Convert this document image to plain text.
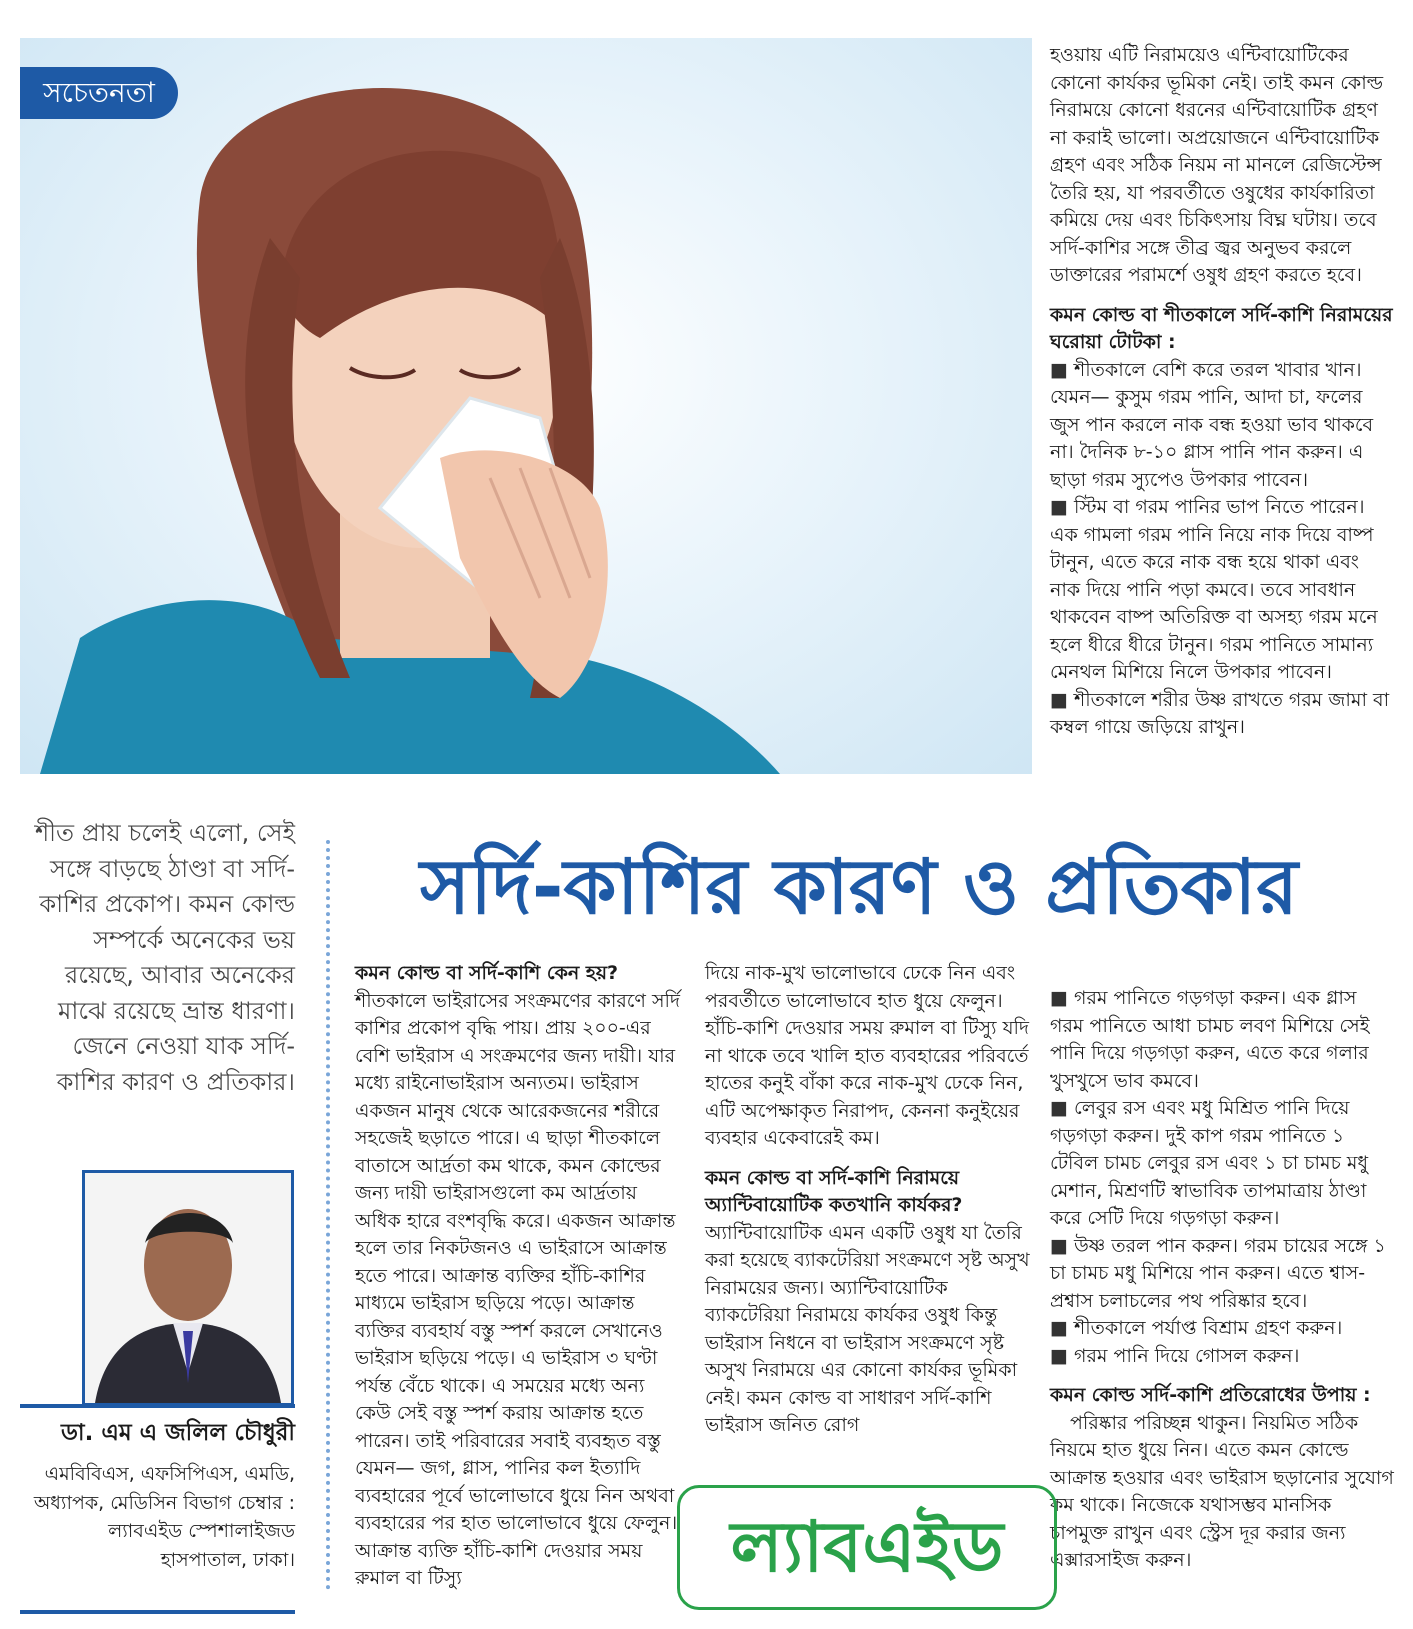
সচেতনতা

হওয়ায় এটি নিরাময়েও এন্টিবায়োটিকের কোনো কার্যকর ভূমিকা নেই। তাই কমন কোল্ড নিরাময়ে কোনো ধরনের এন্টিবায়োটিক গ্রহণ না করাই ভালো। অপ্রয়োজনে এন্টিবায়োটিক গ্রহণ এবং সঠিক নিয়ম না মানলে রেজিস্টেন্স তৈরি হয়, যা পরবর্তীতে ওষুধের কার্যকারিতা কমিয়ে দেয় এবং চিকিৎসায় বিঘ্ন ঘটায়। তবে সর্দি-কাশির সঙ্গে তীব্র জ্বর অনুভব করলে ডাক্তারের পরামর্শে ওষুধ গ্রহণ করতে হবে।

কমন কোল্ড বা শীতকালে সর্দি-কাশি নিরাময়ের ঘরোয়া টোটকা :

■ শীতকালে বেশি করে তরল খাবার খান। যেমন— কুসুম গরম পানি, আদা চা, ফলের জুস পান করলে নাক বন্ধ হওয়া ভাব থাকবে না। দৈনিক ৮-১০ গ্লাস পানি পান করুন। এ ছাড়া গরম স্যুপেও উপকার পাবেন।

■ স্টিম বা গরম পানির ভাপ নিতে পারেন। এক গামলা গরম পানি নিয়ে নাক দিয়ে বাষ্প টানুন, এতে করে নাক বন্ধ হয়ে থাকা এবং নাক দিয়ে পানি পড়া কমবে। তবে সাবধান থাকবেন বাষ্প অতিরিক্ত বা অসহ্য গরম মনে হলে ধীরে ধীরে টানুন। গরম পানিতে সামান্য মেনথল মিশিয়ে নিলে উপকার পাবেন।

■ শীতকালে শরীর উষ্ণ রাখতে গরম জামা বা কম্বল গায়ে জড়িয়ে রাখুন।

শীত প্রায় চলেই এলো, সেই সঙ্গে বাড়ছে ঠাণ্ডা বা সর্দি-কাশির প্রকোপ। কমন কোল্ড সম্পর্কে অনেকের ভয় রয়েছে, আবার অনেকের মাঝে রয়েছে ভ্রান্ত ধারণা। জেনে নেওয়া যাক সর্দি-কাশির কারণ ও প্রতিকার।
সর্দি-কাশির কারণ ও প্রতিকার
ডা. এম এ জলিল চৌধুরী
এমবিবিএস, এফসিপিএস, এমডি, অধ্যাপক, মেডিসিন বিভাগ চেম্বার : ল্যাবএইড স্পেশালাইজড হাসপাতাল, ঢাকা।

কমন কোল্ড বা সর্দি-কাশি কেন হয়?

শীতকালে ভাইরাসের সংক্রমণের কারণে সর্দি কাশির প্রকোপ বৃদ্ধি পায়। প্রায় ২০০-এর বেশি ভাইরাস এ সংক্রমণের জন্য দায়ী। যার মধ্যে রাইনোভাইরাস অন্যতম। ভাইরাস একজন মানুষ থেকে আরেকজনের শরীরে সহজেই ছড়াতে পারে। এ ছাড়া শীতকালে বাতাসে আর্দ্রতা কম থাকে, কমন কোল্ডের জন্য দায়ী ভাইরাসগুলো কম আর্দ্রতায় অধিক হারে বংশবৃদ্ধি করে। একজন আক্রান্ত হলে তার নিকটজনও এ ভাইরাসে আক্রান্ত হতে পারে। আক্রান্ত ব্যক্তির হাঁচি-কাশির মাধ্যমে ভাইরাস ছড়িয়ে পড়ে। আক্রান্ত ব্যক্তির ব্যবহার্য বস্তু স্পর্শ করলে সেখানেও ভাইরাস ছড়িয়ে পড়ে। এ ভাইরাস ৩ ঘণ্টা পর্যন্ত বেঁচে থাকে। এ সময়ের মধ্যে অন্য কেউ সেই বস্তু স্পর্শ করায় আক্রান্ত হতে পারেন। তাই পরিবারের সবাই ব্যবহৃত বস্তু যেমন— জগ, গ্লাস, পানির কল ইত্যাদি ব্যবহারের পূর্বে ভালোভাবে ধুয়ে নিন অথবা ব্যবহারের পর হাত ভালোভাবে ধুয়ে ফেলুন। আক্রান্ত ব্যক্তি হাঁচি-কাশি দেওয়ার সময় রুমাল বা টিস্যু

দিয়ে নাক-মুখ ভালোভাবে ঢেকে নিন এবং পরবর্তীতে ভালোভাবে হাত ধুয়ে ফেলুন। হাঁচি-কাশি দেওয়ার সময় রুমাল বা টিস্যু যদি না থাকে তবে খালি হাত ব্যবহারের পরিবর্তে হাতের কনুই বাঁকা করে নাক-মুখ ঢেকে নিন, এটি অপেক্ষাকৃত নিরাপদ, কেননা কনুইয়ের ব্যবহার একেবারেই কম।

কমন কোল্ড বা সর্দি-কাশি নিরাময়ে অ্যান্টিবায়োটিক কতখানি কার্যকর?

অ্যান্টিবায়োটিক এমন একটি ওষুধ যা তৈরি করা হয়েছে ব্যাকটেরিয়া সংক্রমণে সৃষ্ট অসুখ নিরাময়ের জন্য। অ্যান্টিবায়োটিক ব্যাকটেরিয়া নিরাময়ে কার্যকর ওষুধ কিন্তু ভাইরাস নিধনে বা ভাইরাস সংক্রমণে সৃষ্ট অসুখ নিরাময়ে এর কোনো কার্যকর ভূমিকা নেই। কমন কোল্ড বা সাধারণ সর্দি-কাশি ভাইরাস জনিত রোগ

■ গরম পানিতে গড়গড়া করুন। এক গ্লাস গরম পানিতে আধা চামচ লবণ মিশিয়ে সেই পানি দিয়ে গড়গড়া করুন, এতে করে গলার খুসখুসে ভাব কমবে।

■ লেবুর রস এবং মধু মিশ্রিত পানি দিয়ে গড়গড়া করুন। দুই কাপ গরম পানিতে ১ টেবিল চামচ লেবুর রস এবং ১ চা চামচ মধু মেশান, মিশ্রণটি স্বাভাবিক তাপমাত্রায় ঠাণ্ডা করে সেটি দিয়ে গড়গড়া করুন।

■ উষ্ণ তরল পান করুন। গরম চায়ের সঙ্গে ১ চা চামচ মধু মিশিয়ে পান করুন। এতে শ্বাস-প্রশ্বাস চলাচলের পথ পরিষ্কার হবে।

■ শীতকালে পর্যাপ্ত বিশ্রাম গ্রহণ করুন।

■ গরম পানি দিয়ে গোসল করুন।

কমন কোল্ড সর্দি-কাশি প্রতিরোধের উপায় :

পরিষ্কার পরিচ্ছন্ন থাকুন। নিয়মিত সঠিক নিয়মে হাত ধুয়ে নিন। এতে কমন কোল্ডে আক্রান্ত হওয়ার এবং ভাইরাস ছড়ানোর সুযোগ কম থাকে। নিজেকে যথাসম্ভব মানসিক চাপমুক্ত রাখুন এবং স্ট্রেস দূর করার জন্য এক্সারসাইজ করুন।

ল্যাবএইড
